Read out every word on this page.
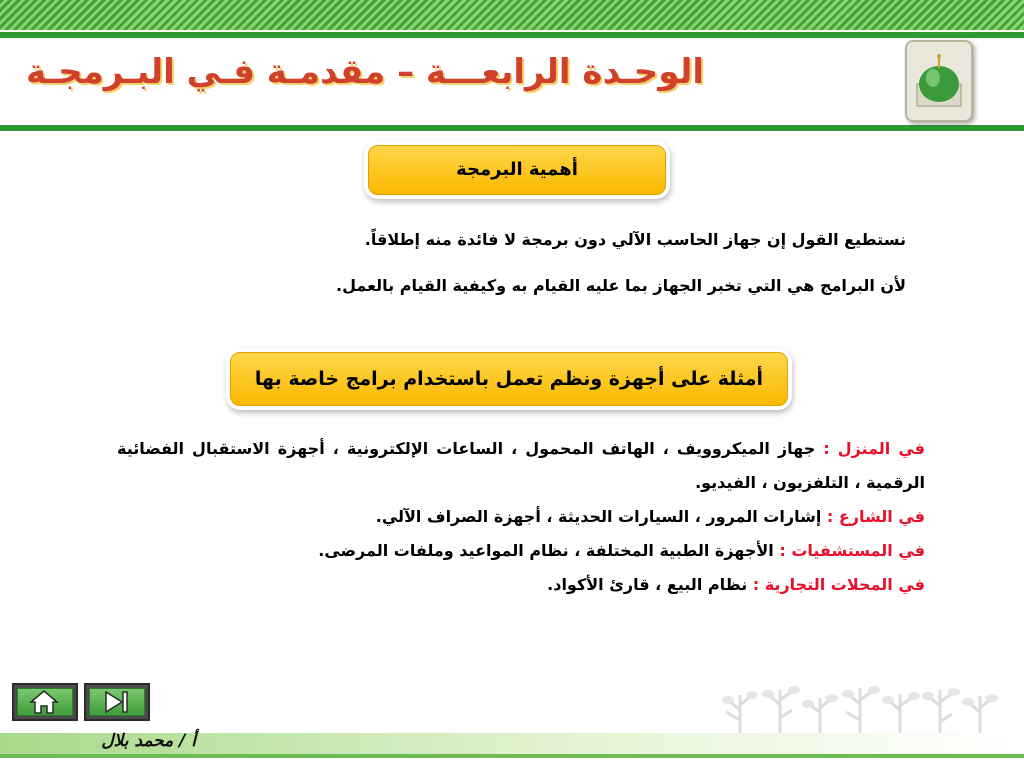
الوحـدة الرابعـــة – مقدمـة فـي البـرمجـة
أهمية البرمجة
نستطيع القول إن جهاز الحاسب الآلي دون برمجة لا فائدة منه إطلاقاً.
لأن البرامج هي التي تخبر الجهاز بما عليه القيام به وكيفية القيام بالعمل.
أمثلة على أجهزة ونظم تعمل باستخدام برامج خاصة بها
في المنزل : جهاز الميكروويف ، الهاتف المحمول ، الساعات الإلكترونية ، أجهزة الاستقبال الفضائية الرقمية ، التلفزيون ، الفيديو.
في الشارع : إشارات المرور ، السيارات الحديثة ، أجهزة الصراف الآلي.
في المستشفيات : الأجهزة الطبية المختلفة ، نظام المواعيد وملفات المرضى.
في المحلات التجارية : نظام البيع ، قارئ الأكواد.
أ / محمد بلال
